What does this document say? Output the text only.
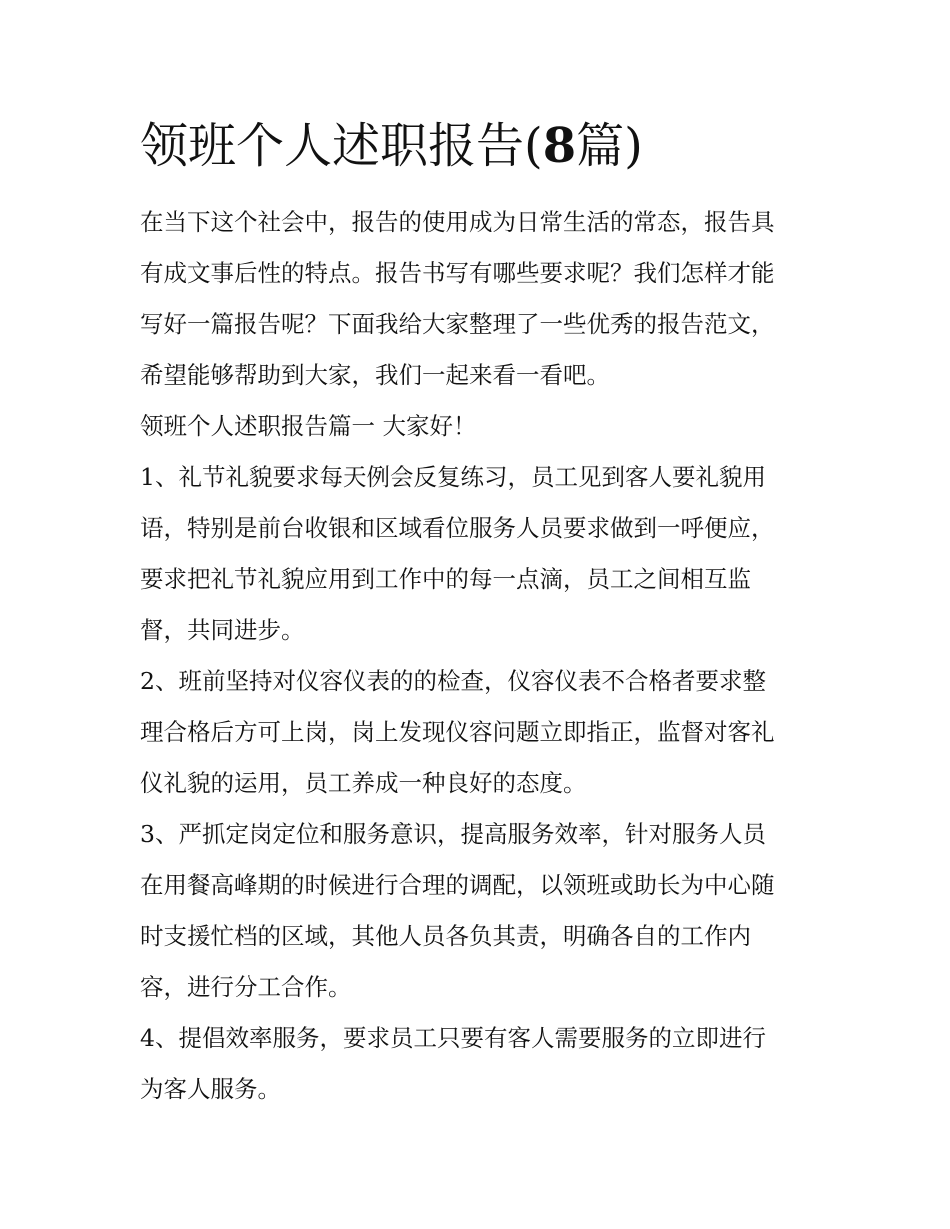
领班个人述职报告(8篇)

在当下这个社会中，报告的使用成为日常生活的常态，报告具

有成文事后性的特点。报告书写有哪些要求呢？我们怎样才能

写好一篇报告呢？下面我给大家整理了一些优秀的报告范文，

希望能够帮助到大家，我们一起来看一看吧。

领班个人述职报告篇一 大家好！

1、礼节礼貌要求每天例会反复练习，员工见到客人要礼貌用

语，特别是前台收银和区域看位服务人员要求做到一呼便应，

要求把礼节礼貌应用到工作中的每一点滴，员工之间相互监

督，共同进步。

2、班前坚持对仪容仪表的的检查，仪容仪表不合格者要求整

理合格后方可上岗，岗上发现仪容问题立即指正，监督对客礼

仪礼貌的运用，员工养成一种良好的态度。

3、严抓定岗定位和服务意识，提高服务效率，针对服务人员

在用餐高峰期的时候进行合理的调配，以领班或助长为中心随

时支援忙档的区域，其他人员各负其责，明确各自的工作内

容，进行分工合作。

4、提倡效率服务，要求员工只要有客人需要服务的立即进行

为客人服务。
